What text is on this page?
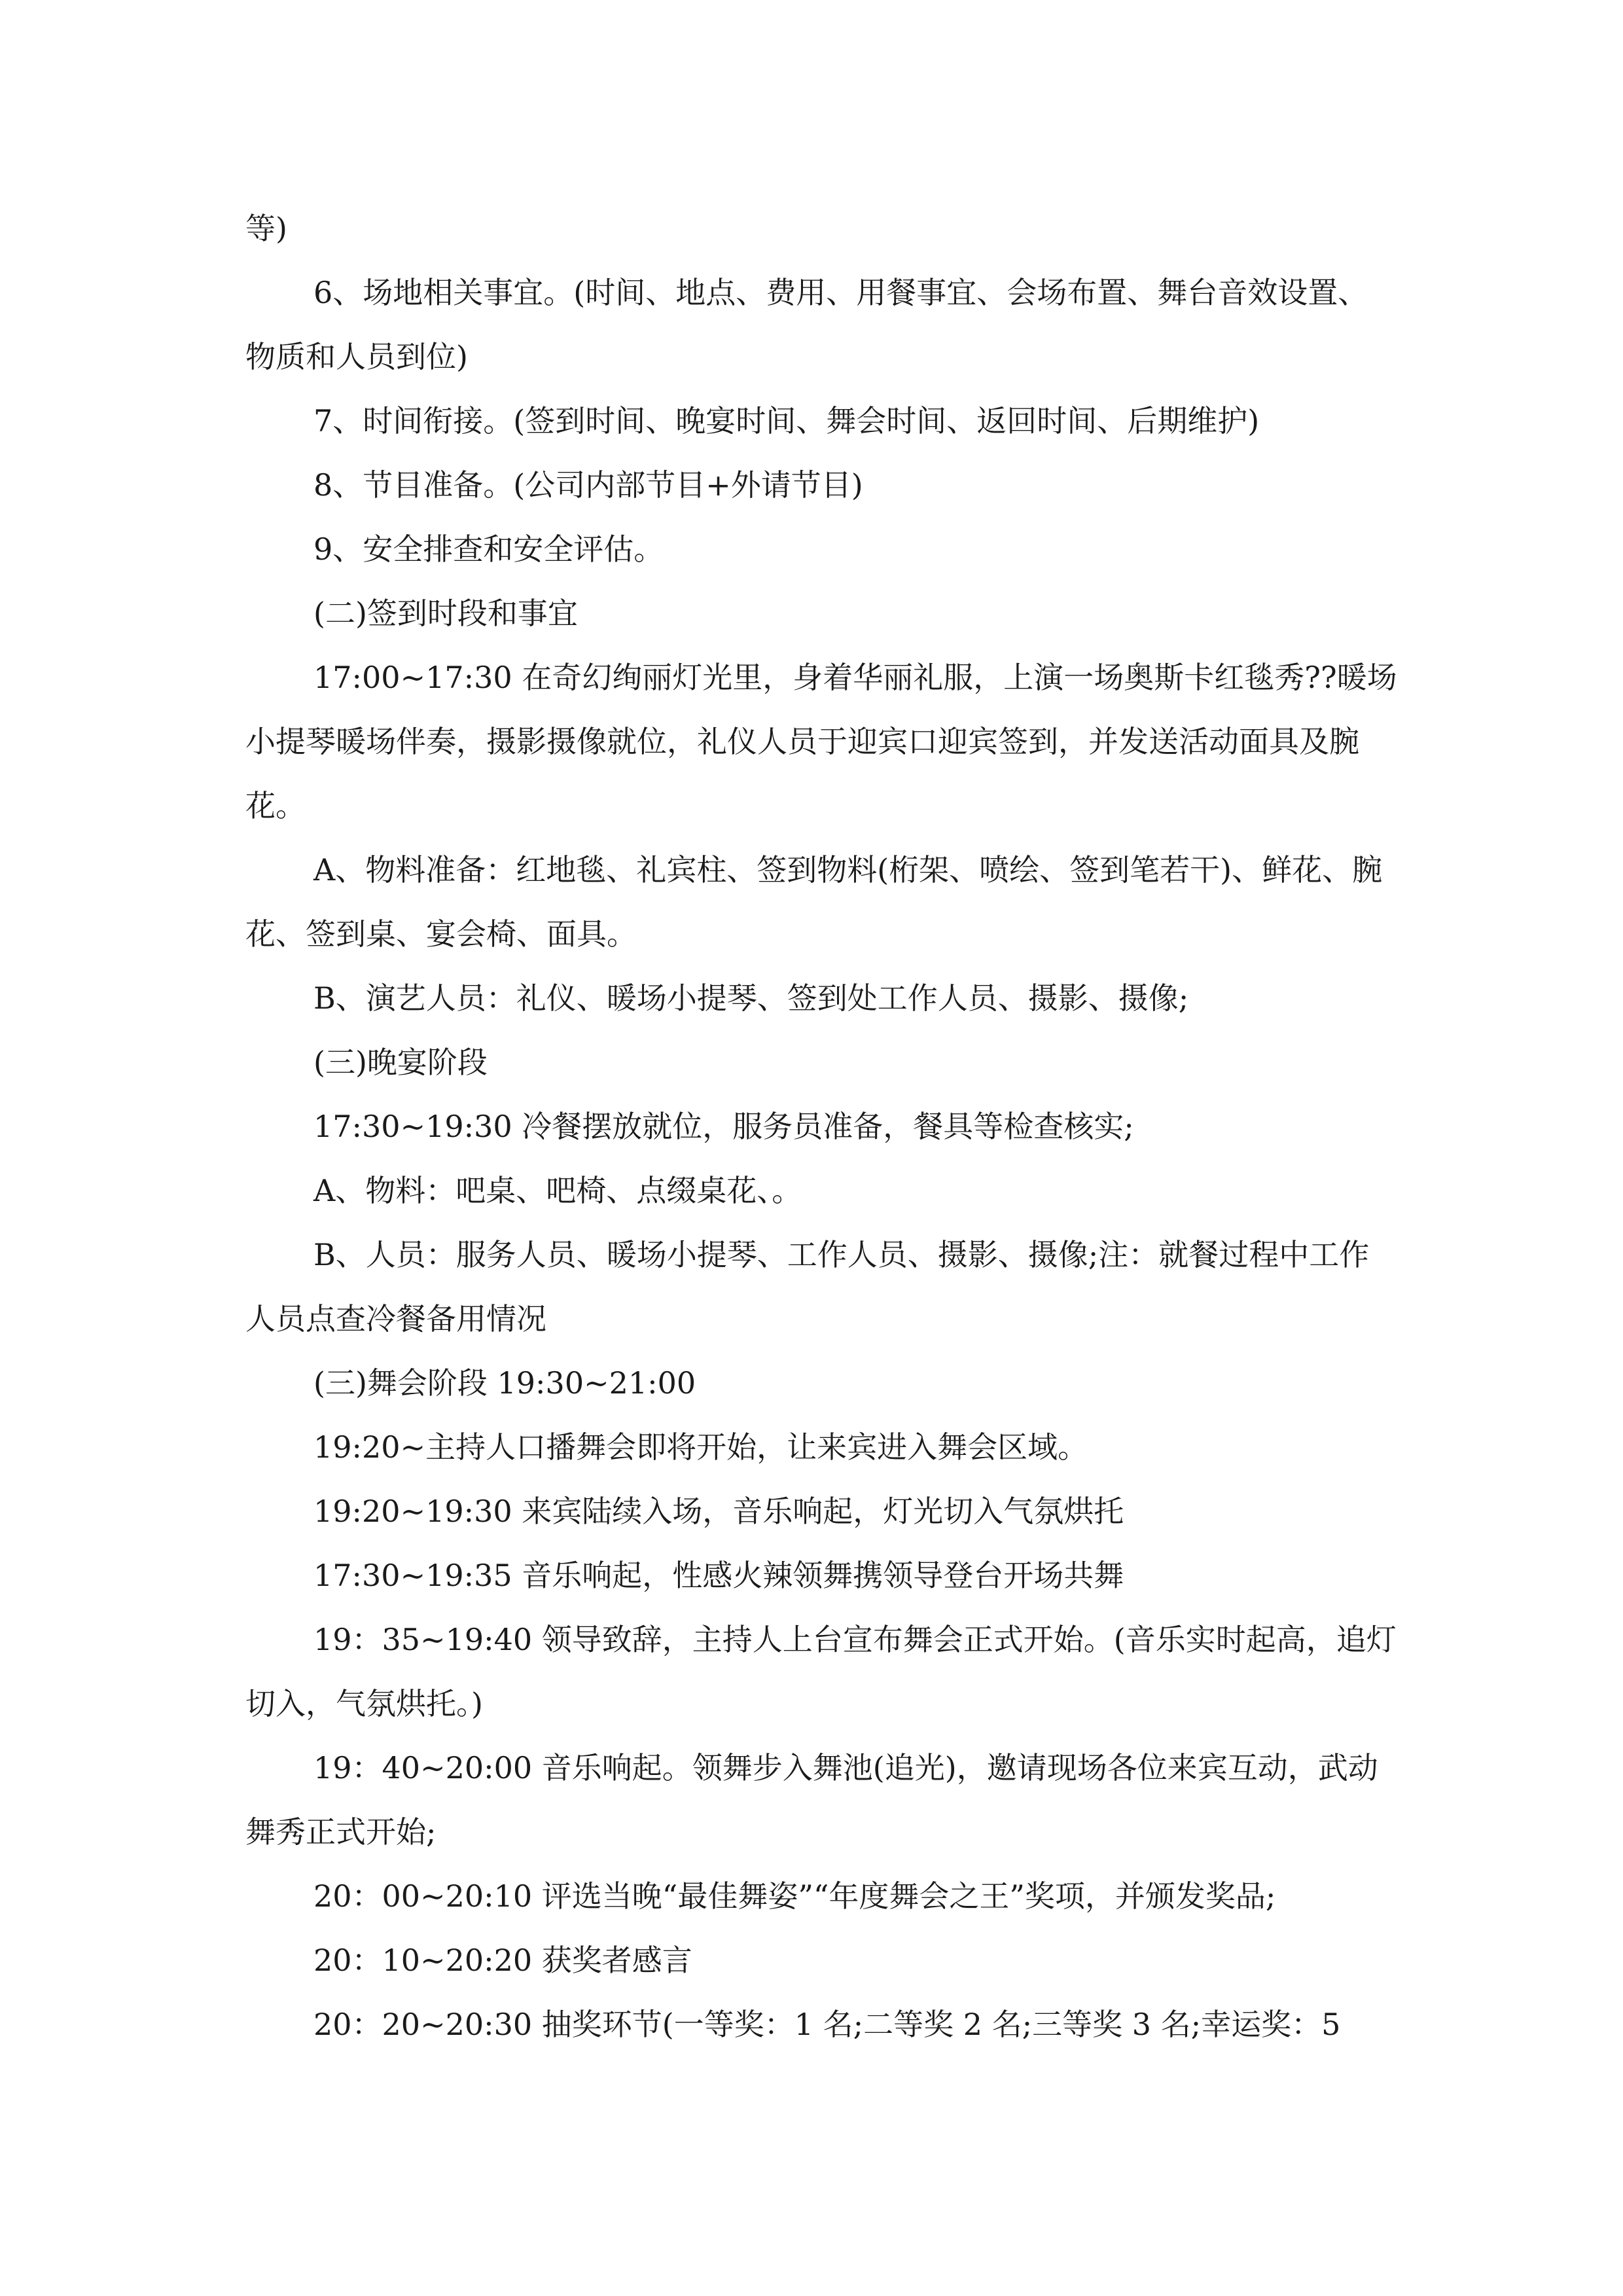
等)

6、场地相关事宜。(时间、地点、费用、用餐事宜、会场布置、舞台音效设置、物质和人员到位)

7、时间衔接。(签到时间、晚宴时间、舞会时间、返回时间、后期维护)

8、节目准备。(公司内部节目+外请节目)

9、安全排查和安全评估。

(二)签到时段和事宜

17:00~17:30 在奇幻绚丽灯光里，身着华丽礼服，上演一场奥斯卡红毯秀??暖场小提琴暖场伴奏，摄影摄像就位，礼仪人员于迎宾口迎宾签到，并发送活动面具及腕花。

A、物料准备：红地毯、礼宾柱、签到物料(桁架、喷绘、签到笔若干)、鲜花、腕花、签到桌、宴会椅、面具。

B、演艺人员：礼仪、暖场小提琴、签到处工作人员、摄影、摄像;

(三)晚宴阶段

17:30~19:30 冷餐摆放就位，服务员准备，餐具等检查核实;

A、物料：吧桌、吧椅、点缀桌花、。

B、人员：服务人员、暖场小提琴、工作人员、摄影、摄像;注：就餐过程中工作人员点查冷餐备用情况

(三)舞会阶段 19:30~21:00

19:20~主持人口播舞会即将开始，让来宾进入舞会区域。

19:20~19:30 来宾陆续入场，音乐响起，灯光切入气氛烘托

17:30~19:35 音乐响起，性感火辣领舞携领导登台开场共舞

19：35~19:40 领导致辞，主持人上台宣布舞会正式开始。(音乐实时起高，追灯切入，气氛烘托。)

19：40~20:00 音乐响起。领舞步入舞池(追光)，邀请现场各位来宾互动，武动舞秀正式开始;

20：00~20:10 评选当晚“最佳舞姿”“年度舞会之王”奖项，并颁发奖品;

20：10~20:20 获奖者感言

20：20~20:30 抽奖环节(一等奖：1 名;二等奖 2 名;三等奖 3 名;幸运奖：5
